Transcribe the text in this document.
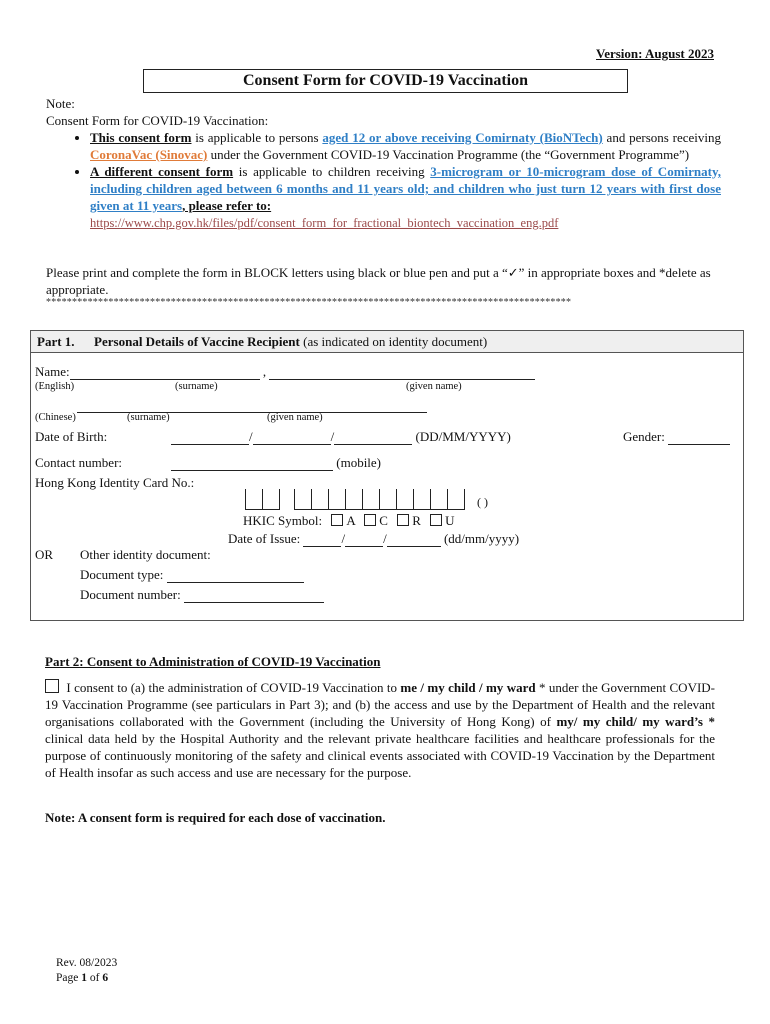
Version: August 2023
Consent Form for COVID-19 Vaccination
Note:
Consent Form for COVID-19 Vaccination:
• This consent form is applicable to persons aged 12 or above receiving Comirnaty (BioNTech) and persons receiving CoronaVac (Sinovac) under the Government COVID-19 Vaccination Programme (the “Government Programme”)
• A different consent form is applicable to children receiving 3-microgram or 10-microgram dose of Comirnaty, including children aged between 6 months and 11 years old; and children who just turn 12 years with first dose given at 11 years, please refer to:
https://www.chp.gov.hk/files/pdf/consent_form_for_fractional_biontech_vaccination_eng.pdf
Please print and complete the form in BLOCK letters using black or blue pen and put a “✓” in appropriate boxes and *delete as appropriate.
*****************************************************************************************************
Part 1. Personal Details of Vaccine Recipient (as indicated on identity document)
Name:	,
(English)	(surname)	(given name)
(Chinese)	(surname)	(given name)
Date of Birth:	/	/	(DD/MM/YYYY)	Gender:
Contact number:	(mobile)
Hong Kong Identity Card No.:
( )
HKIC Symbol: A C R U
Date of Issue:	/	/	(dd/mm/yyyy)
OR Other identity document:
Document type:
Document number:
Part 2: Consent to Administration of COVID-19 Vaccination
I consent to (a) the administration of COVID-19 Vaccination to me / my child / my ward * under the Government COVID-19 Vaccination Programme (see particulars in Part 3); and (b) the access and use by the Department of Health and the relevant organisations collaborated with the Government (including the University of Hong Kong) of my/ my child/ my ward’s * clinical data held by the Hospital Authority and the relevant private healthcare facilities and healthcare professionals for the purpose of continuously monitoring of the safety and clinical events associated with COVID-19 Vaccination by the Department of Health insofar as such access and use are necessary for the purpose.
Note: A consent form is required for each dose of vaccination.
Rev. 08/2023
Page 1 of 6
